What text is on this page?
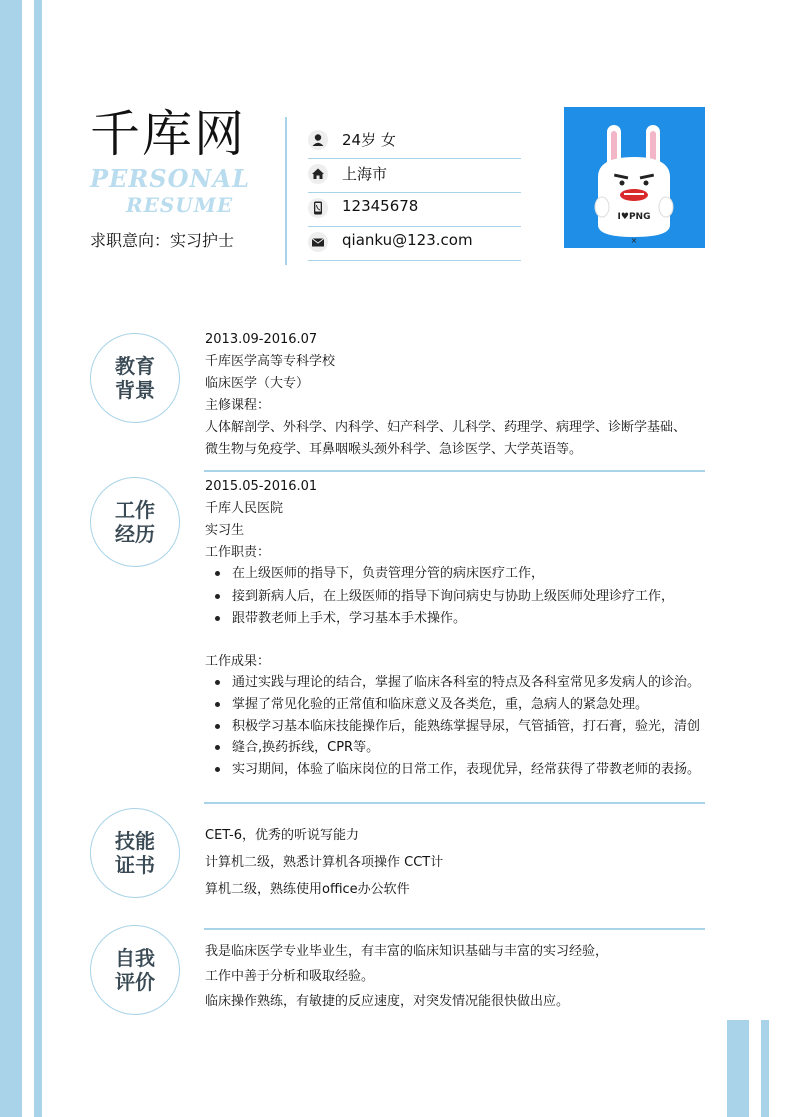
千库网
PERSONAL
RESUME
求职意向：实习护士
24岁 女
上海市
12345678
qianku@123.com
I♥PNG
×
教育
背景
2013.09-2016.07
千库医学高等专科学校
临床医学（大专）
主修课程：
人体解剖学、外科学、内科学、妇产科学、儿科学、药理学、病理学、诊断学基础、
微生物与免疫学、耳鼻咽喉头颈外科学、急诊医学、大学英语等。
工作
经历
2015.05-2016.01
千库人民医院
实习生
工作职责：
在上级医师的指导下，负责管理分管的病床医疗工作，
接到新病人后，在上级医师的指导下询问病史与协助上级医师处理诊疗工作，
跟带教老师上手术，学习基本手术操作。
工作成果：
通过实践与理论的结合，掌握了临床各科室的特点及各科室常见多发病人的诊治。
掌握了常见化验的正常值和临床意义及各类危，重，急病人的紧急处理。
积极学习基本临床技能操作后，能熟练掌握导尿，气管插管，打石膏，验光，清创
缝合,换药拆线，CPR等。
实习期间，体验了临床岗位的日常工作，表现优异，经常获得了带教老师的表扬。
技能
证书
CET-6，优秀的听说写能力
计算机二级，熟悉计算机各项操作 CCT计
算机二级，熟练使用office办公软件
自我
评价
我是临床医学专业毕业生，有丰富的临床知识基础与丰富的实习经验，
工作中善于分析和吸取经验。
临床操作熟练，有敏捷的反应速度，对突发情况能很快做出应。
